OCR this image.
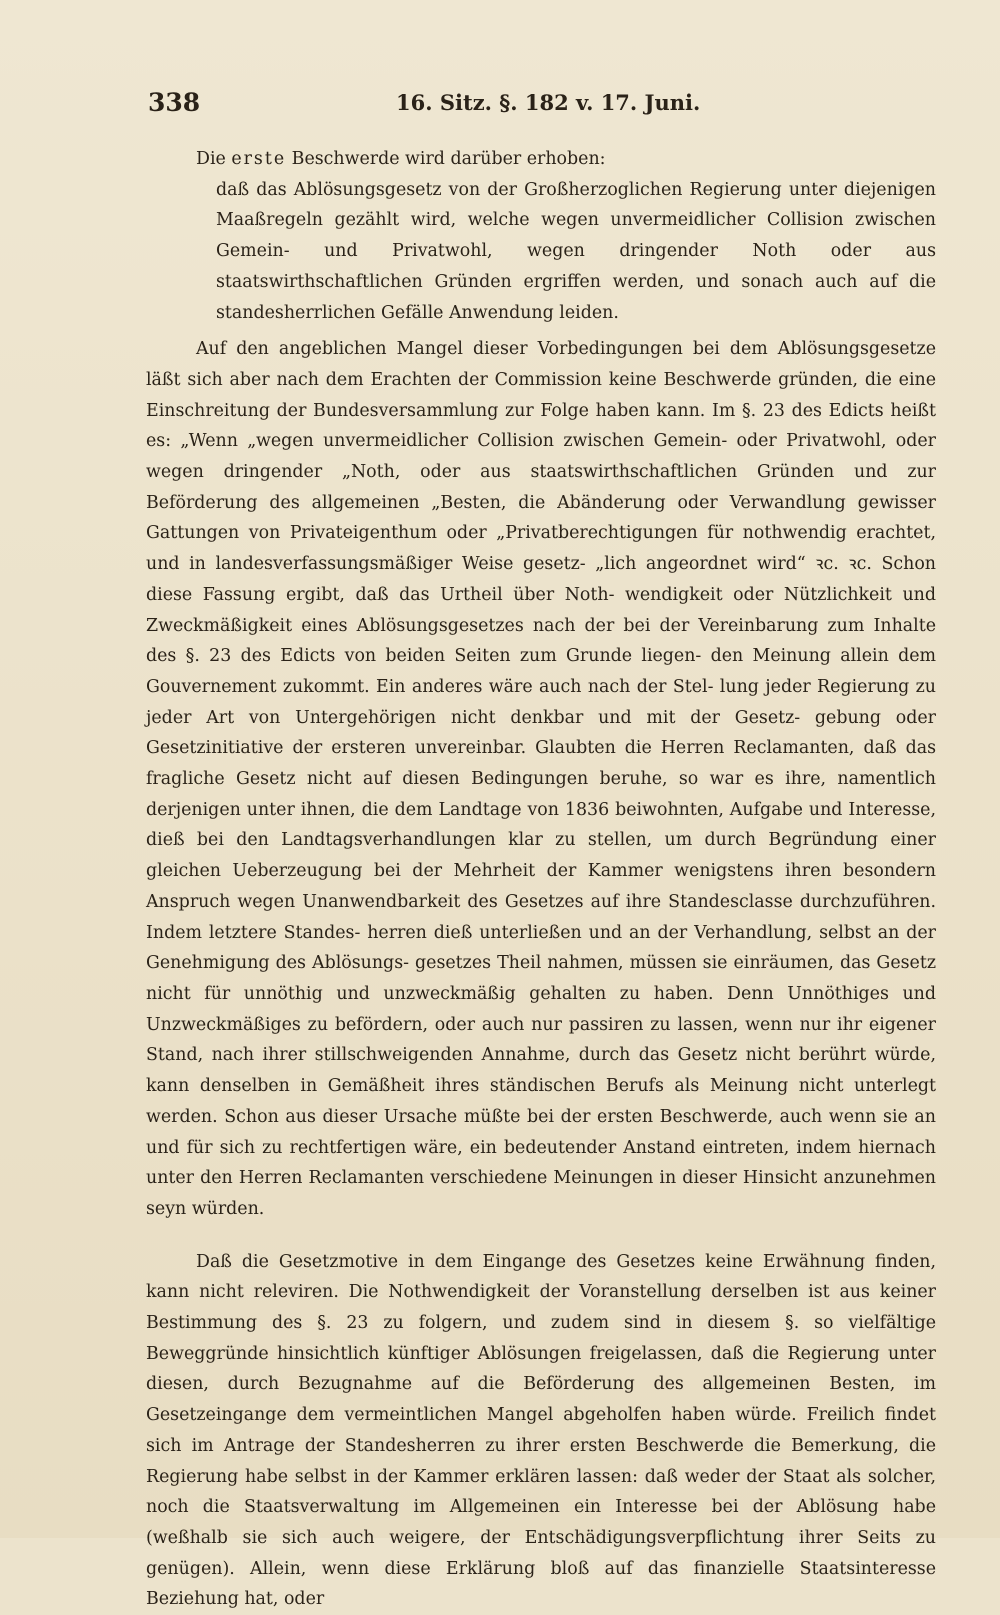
338	16. Sitz. §. 182 v. 17. Juni.

Die erste Beschwerde wird darüber erhoben:

daß das Ablösungsgesetz von der Großherzoglichen Regierung unter diejenigen Maaßregeln gezählt wird, welche wegen unvermeidlicher Collision zwischen Gemein- und Privatwohl, wegen dringender Noth oder aus staatswirthschaftlichen Gründen ergriffen werden, und sonach auch auf die standesherrlichen Gefälle Anwendung leiden.

Auf den angeblichen Mangel dieser Vorbedingungen bei dem Ablösungsgesetze läßt sich aber nach dem Erachten der Commission keine Beschwerde gründen, die eine Einschreitung der Bundesversammlung zur Folge haben kann. Im §. 23 des Edicts heißt es: „Wenn „wegen unvermeidlicher Collision zwischen Gemein- oder Privatwohl, oder wegen dringender „Noth, oder aus staatswirthschaftlichen Gründen und zur Beförderung des allgemeinen „Besten, die Abänderung oder Verwandlung gewisser Gattungen von Privateigenthum oder „Privatberechtigungen für nothwendig erachtet, und in landesverfassungsmäßiger Weise gesetz- „lich angeordnet wird“ ꝛc. ꝛc. Schon diese Fassung ergibt, daß das Urtheil über Noth- wendigkeit oder Nützlichkeit und Zweckmäßigkeit eines Ablösungsgesetzes nach der bei der Vereinbarung zum Inhalte des §. 23 des Edicts von beiden Seiten zum Grunde liegen- den Meinung allein dem Gouvernement zukommt. Ein anderes wäre auch nach der Stel- lung jeder Regierung zu jeder Art von Untergehörigen nicht denkbar und mit der Gesetz- gebung oder Gesetzinitiative der ersteren unvereinbar. Glaubten die Herren Reclamanten, daß das fragliche Gesetz nicht auf diesen Bedingungen beruhe, so war es ihre, namentlich derjenigen unter ihnen, die dem Landtage von 1836 beiwohnten, Aufgabe und Interesse, dieß bei den Landtagsverhandlungen klar zu stellen, um durch Begründung einer gleichen Ueberzeugung bei der Mehrheit der Kammer wenigstens ihren besondern Anspruch wegen Unanwendbarkeit des Gesetzes auf ihre Standesclasse durchzuführen. Indem letztere Standes- herren dieß unterließen und an der Verhandlung, selbst an der Genehmigung des Ablösungs- gesetzes Theil nahmen, müssen sie einräumen, das Gesetz nicht für unnöthig und unzweckmäßig gehalten zu haben. Denn Unnöthiges und Unzweckmäßiges zu befördern, oder auch nur passiren zu lassen, wenn nur ihr eigener Stand, nach ihrer stillschweigenden Annahme, durch das Gesetz nicht berührt würde, kann denselben in Gemäßheit ihres ständischen Berufs als Meinung nicht unterlegt werden. Schon aus dieser Ursache müßte bei der ersten Beschwerde, auch wenn sie an und für sich zu rechtfertigen wäre, ein bedeutender Anstand eintreten, indem hiernach unter den Herren Reclamanten verschiedene Meinungen in dieser Hinsicht anzunehmen seyn würden.

Daß die Gesetzmotive in dem Eingange des Gesetzes keine Erwähnung finden, kann nicht releviren. Die Nothwendigkeit der Voranstellung derselben ist aus keiner Bestimmung des §. 23 zu folgern, und zudem sind in diesem §. so vielfältige Beweggründe hinsichtlich künftiger Ablösungen freigelassen, daß die Regierung unter diesen, durch Bezugnahme auf die Beförderung des allgemeinen Besten, im Gesetzeingange dem vermeintlichen Mangel abgeholfen haben würde. Freilich findet sich im Antrage der Standesherren zu ihrer ersten Beschwerde die Bemerkung, die Regierung habe selbst in der Kammer erklären lassen: daß weder der Staat als solcher, noch die Staatsverwaltung im Allgemeinen ein Interesse bei der Ablösung habe (weßhalb sie sich auch weigere, der Entschädigungsverpflichtung ihrer Seits zu genügen). Allein, wenn diese Erklärung bloß auf das finanzielle Staatsinteresse Beziehung hat, oder
